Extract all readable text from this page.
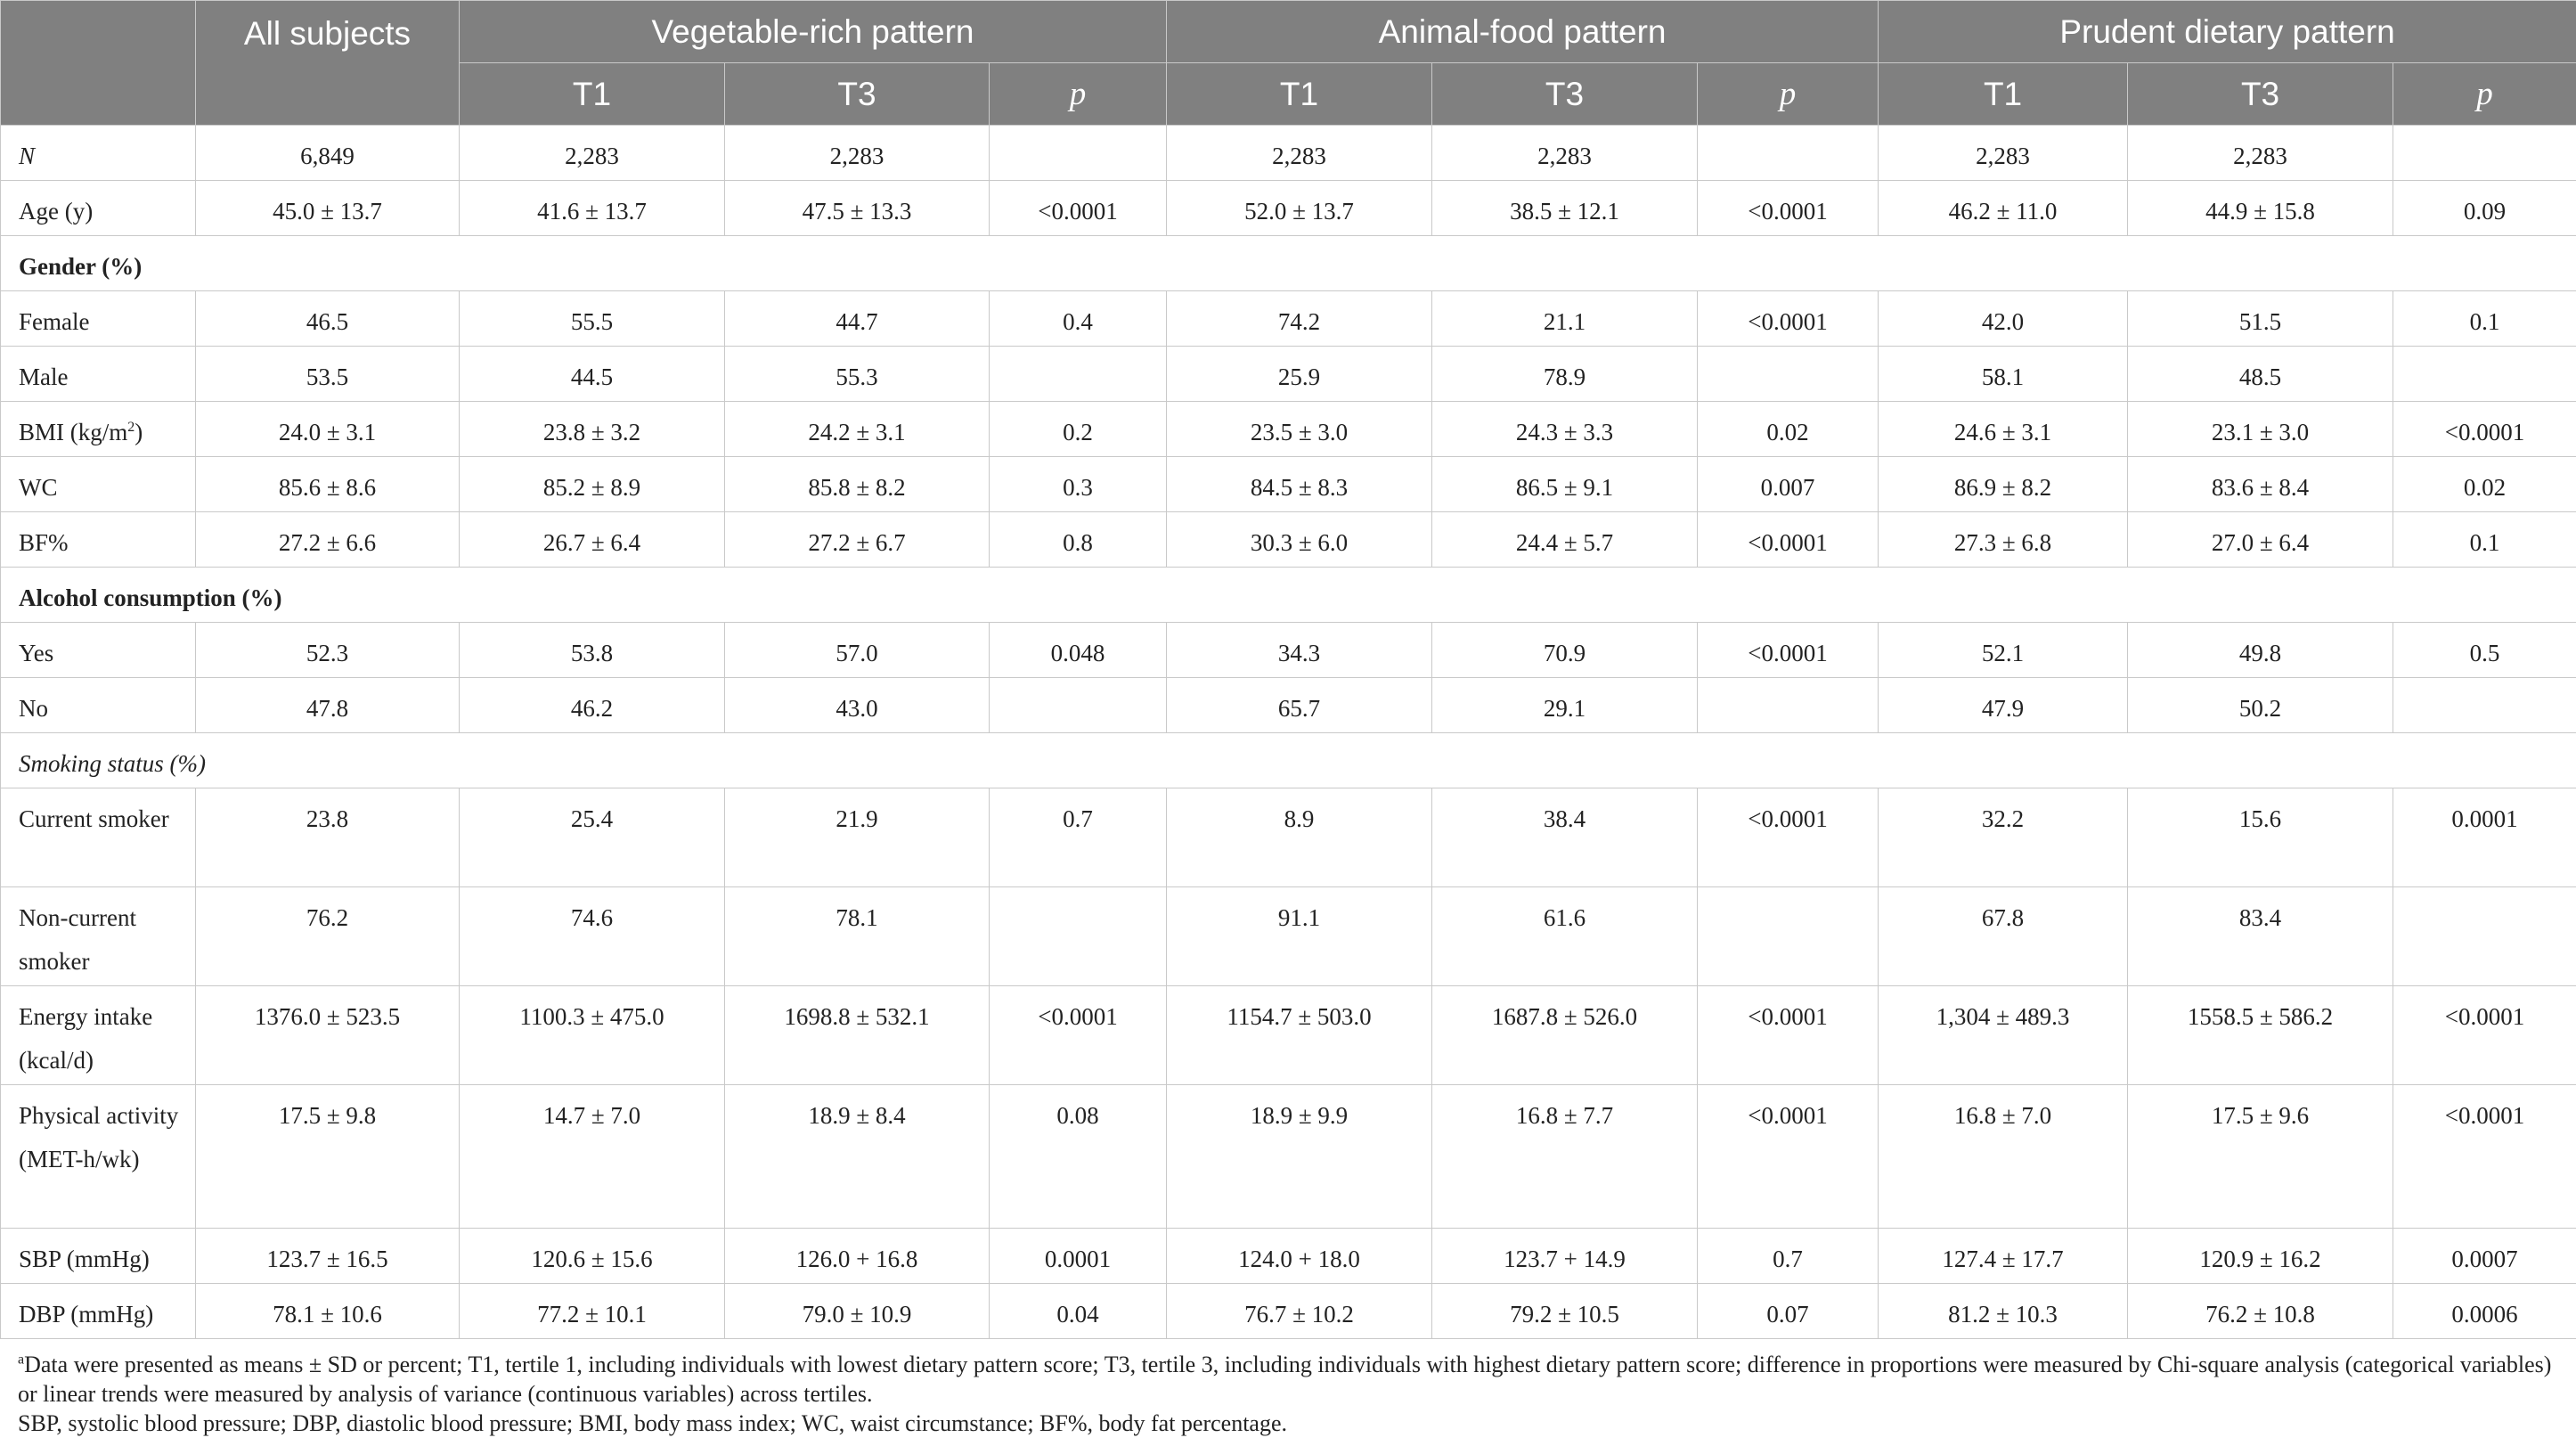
	All subjects	Vegetable-rich pattern			Animal-food pattern			Prudent dietary pattern		
		T1	T3	p	T1	T3	p	T1	T3	p
N	6,849	2,283	2,283		2,283	2,283		2,283	2,283	
Age (y)	45.0 ± 13.7	41.6 ± 13.7	47.5 ± 13.3	<0.0001	52.0 ± 13.7	38.5 ± 12.1	<0.0001	46.2 ± 11.0	44.9 ± 15.8	0.09
Gender (%)										
Female	46.5	55.5	44.7	0.4	74.2	21.1	<0.0001	42.0	51.5	0.1
Male	53.5	44.5	55.3		25.9	78.9		58.1	48.5	
BMI $(kg/m^2)$	24.0 ± 3.1	23.8 ± 3.2	24.2 ± 3.1	0.2	23.5 ± 3.0	24.3 ± 3.3	0.02	24.6 ± 3.1	23.1 ± 3.0	<0.0001
WC	85.6 ± 8.6	85.2 ± 8.9	85.8 ± 8.2	0.3	84.5 ± 8.3	86.5 ± 9.1	0.007	86.9 ± 8.2	83.6 ± 8.4	0.02
BF%	27.2 ± 6.6	26.7 ± 6.4	27.2 ± 6.7	0.8	30.3 ± 6.0	24.4 ± 5.7	<0.0001	27.3 ± 6.8	27.0 ± 6.4	0.1
Alcohol consumption (%)										
Yes	52.3	53.8	57.0	0.048	34.3	70.9	<0.0001	52.1	49.8	0.5
No	47.8	46.2	43.0		65.7	29.1		47.9	50.2	
Smoking status (%)										
Current smoker	23.8	25.4	21.9	0.7	8.9	38.4	<0.0001	32.2	15.6	0.0001
Non-current smoker	76.2	74.6	78.1		91.1	61.6		67.8	83.4	
Energy intake (kcal/d)	1376.0 ± 523.5	1100.3 ± 475.0	1698.8 ± 532.1	<0.0001	1154.7 ± 503.0	1687.8 ± 526.0	<0.0001	1,304 ± 489.3	1558.5 ± 586.2	<0.0001
Physical activity (MET-h/wk)	17.5 ± 9.8	14.7 ± 7.0	18.9 ± 8.4	0.08	18.9 ± 9.9	16.8 ± 7.7	<0.0001	16.8 ± 7.0	17.5 ± 9.6	<0.0001
SBP (mmHg)	123.7 ± 16.5	120.6 ± 15.6	126.0 + 16.8	0.0001	124.0 + 18.0	123.7 + 14.9	0.7	127.4 ± 17.7	120.9 ± 16.2	0.0007
DBP (mmHg)	78.1 ± 10.6	77.2 ± 10.1	79.0 ± 10.9	0.04	76.7 ± 10.2	79.2 ± 10.5	0.07	81.2 ± 10.3	76.2 ± 10.8	0.0006
$^a$Data were presented as means ± SD or percent; T1, tertile 1, including individuals with lowest dietary pattern score; T3, tertile 3, including individuals with highest dietary pattern score; difference in proportions were measured by Chi-square analysis (categorical variables) or linear trends were measured by analysis of variance (continuous variables) across tertiles.
SBP, systolic blood pressure; DBP, diastolic blood pressure; BMI, body mass index; WC, waist circumstance; BF%, body fat percentage.
